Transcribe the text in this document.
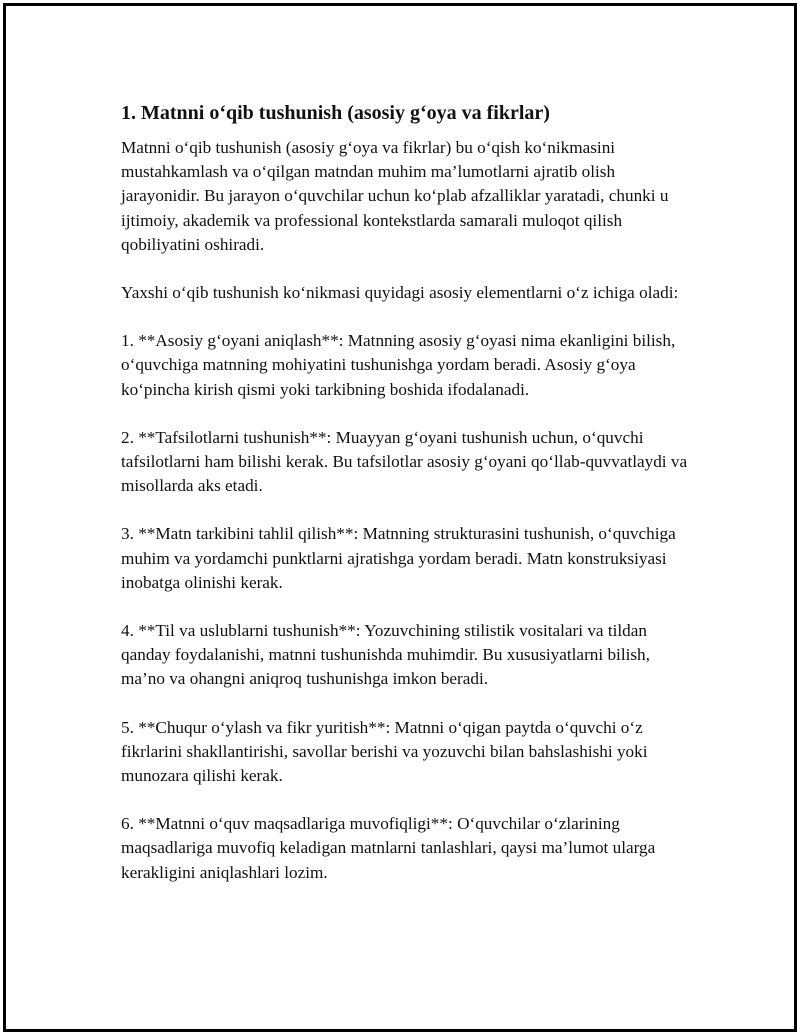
1. Matnni o‘qib tushunish (asosiy g‘oya va fikrlar)

Matnni o‘qib tushunish (asosiy g‘oya va fikrlar) bu o‘qish ko‘nikmasini mustahkamlash va o‘qilgan matndan muhim ma’lumotlarni ajratib olish jarayonidir. Bu jarayon o‘quvchilar uchun ko‘plab afzalliklar yaratadi, chunki u ijtimoiy, akademik va professional kontekstlarda samarali muloqot qilish qobiliyatini oshiradi.

Yaxshi o‘qib tushunish ko‘nikmasi quyidagi asosiy elementlarni o‘z ichiga oladi:

1. **Asosiy g‘oyani aniqlash**: Matnning asosiy g‘oyasi nima ekanligini bilish, o‘quvchiga matnning mohiyatini tushunishga yordam beradi. Asosiy g‘oya ko‘pincha kirish qismi yoki tarkibning boshida ifodalanadi.

2. **Tafsilotlarni tushunish**: Muayyan g‘oyani tushunish uchun, o‘quvchi tafsilotlarni ham bilishi kerak. Bu tafsilotlar asosiy g‘oyani qo‘llab-quvvatlaydi va misollarda aks etadi.

3. **Matn tarkibini tahlil qilish**: Matnning strukturasini tushunish, o‘quvchiga muhim va yordamchi punktlarni ajratishga yordam beradi. Matn konstruksiyasi inobatga olinishi kerak.

4. **Til va uslublarni tushunish**: Yozuvchining stilistik vositalari va tildan qanday foydalanishi, matnni tushunishda muhimdir. Bu xususiyatlarni bilish, ma’no va ohangni aniqroq tushunishga imkon beradi.

5. **Chuqur o‘ylash va fikr yuritish**: Matnni o‘qigan paytda o‘quvchi o‘z fikrlarini shakllantirishi, savollar berishi va yozuvchi bilan bahslashishi yoki munozara qilishi kerak.

6. **Matnni o‘quv maqsadlariga muvofiqligi**: O‘quvchilar o‘zlarining maqsadlariga muvofiq keladigan matnlarni tanlashlari, qaysi ma’lumot ularga kerakligini aniqlashlari lozim.
